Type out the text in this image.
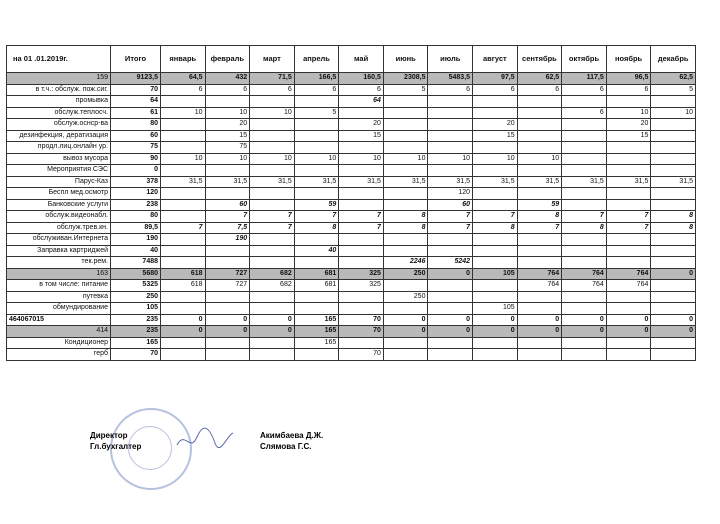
на 01 .01.2019г.	Итого	январь	февраль	март	апрель	май	июнь	июль	август	сентябрь	октябрь	ноябрь	декабрь
159	9123,5	64,5	432	71,5	166,5	160,5	2308,5	5483,5	97,5	62,5	117,5	96,5	62,5
в т.ч.: обслуж. пож.сиг.	70	6	6	6	6	6	5	6	6	6	6	6	5
промывка	64					64							
обслуж.теплосч.	61	10	10	10	5						6	10	10
обслуж.оснср-ва	80		20			20			20			20	
дезинфекция, дератизация	60		15			15			15			15	
продл.лиц.онлайн ур.	75		75										
вывоз мусора	90	10	10	10	10	10	10	10	10	10			
Мероприятия СЭС	0												
Парус-Каз	378	31,5	31,5	31,5	31,5	31,5	31,5	31,5	31,5	31,5	31,5	31,5	31,5
Беспл мед.осмотр	120							120					
Банковские услуги	238		60		59			60		59			
обслуж.видеонабл.	80		7	7	7	7	8	7	7	8	7	7	8
обслуж.трев.кн.	89,5	7	7,5	7	8	7	8	7	8	7	8	7	8
обслуживан.Интернета	190		190										
Заправка картриджей	40				40								
тек.рем.	7488						2246	5242					
163	5680	618	727	682	681	325	250	0	105	764	764	764	0
в том числе: питание	5325	618	727	682	681	325				764	764	764	
путевка	250						250						
обмундирование	105								105				
464067015	235	0	0	0	165	70	0	0	0	0	0	0	0
414	235	0	0	0	165	70	0	0	0	0	0	0	0
Кондиционер	165				165								
герб	70					70							
Директор	Акимбаева Д.Ж.
Гл.бухгалтер	Слямова Г.С.
